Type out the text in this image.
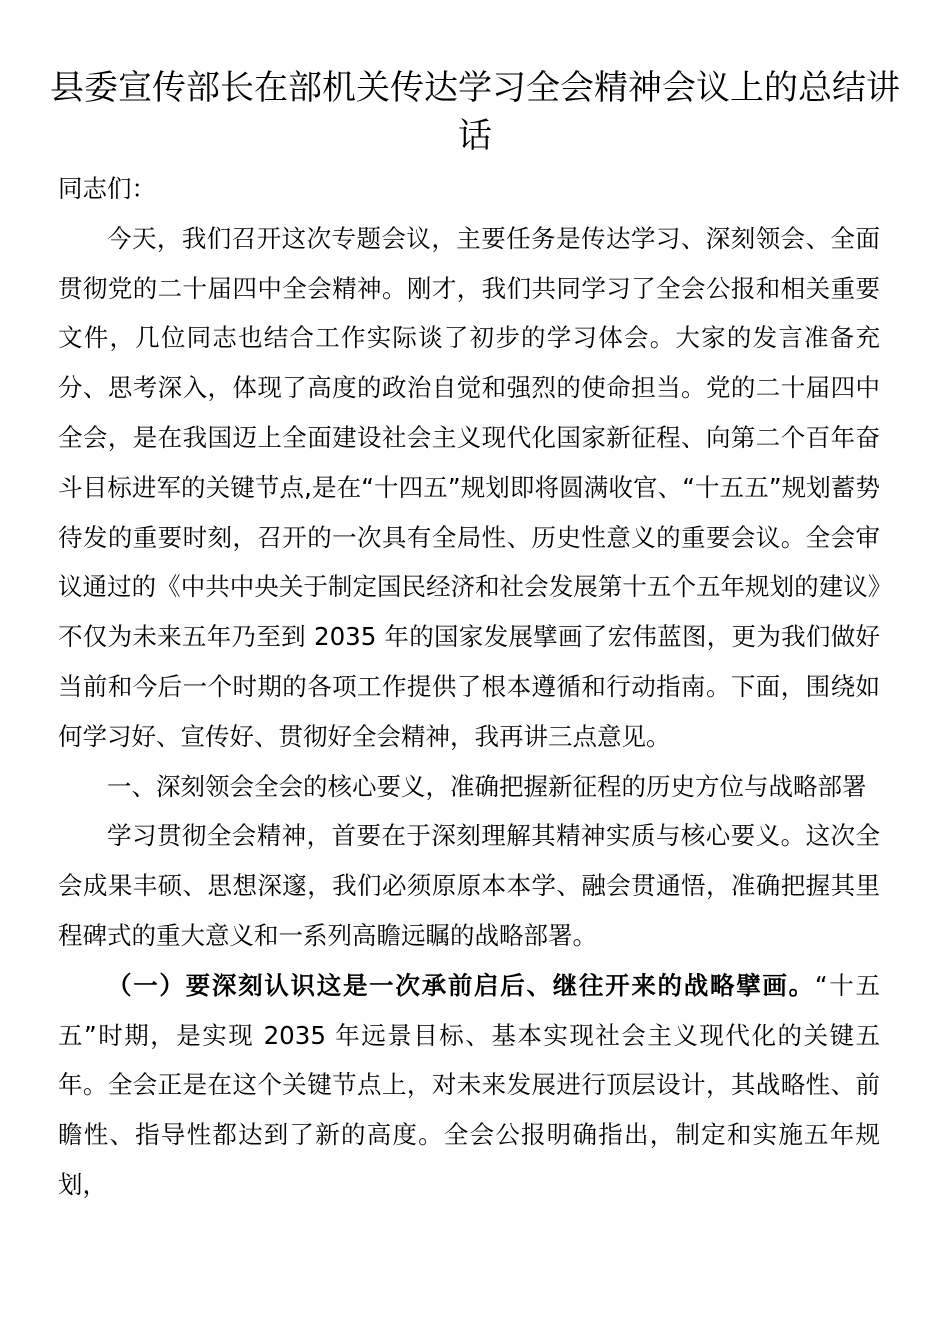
县委宣传部长在部机关传达学习全会精神会议上的总结讲话

同志们：

今天，我们召开这次专题会议，主要任务是传达学习、深刻领会、全面贯彻党的二十届四中全会精神。刚才，我们共同学习了全会公报和相关重要文件，几位同志也结合工作实际谈了初步的学习体会。大家的发言准备充分、思考深入，体现了高度的政治自觉和强烈的使命担当。党的二十届四中全会，是在我国迈上全面建设社会主义现代化国家新征程、向第二个百年奋斗目标进军的关键节点,是在“十四五”规划即将圆满收官、“十五五”规划蓄势待发的重要时刻，召开的一次具有全局性、历史性意义的重要会议。全会审议通过的《中共中央关于制定国民经济和社会发展第十五个五年规划的建议》不仅为未来五年乃至到 2035 年的国家发展擘画了宏伟蓝图，更为我们做好当前和今后一个时期的各项工作提供了根本遵循和行动指南。下面，围绕如何学习好、宣传好、贯彻好全会精神，我再讲三点意见。

一、深刻领会全会的核心要义，准确把握新征程的历史方位与战略部署

学习贯彻全会精神，首要在于深刻理解其精神实质与核心要义。这次全会成果丰硕、思想深邃，我们必须原原本本学、融会贯通悟，准确把握其里程碑式的重大意义和一系列高瞻远瞩的战略部署。

（一）要深刻认识这是一次承前启后、继往开来的战略擘画。“十五五”时期，是实现 2035 年远景目标、基本实现社会主义现代化的关键五年。全会正是在这个关键节点上，对未来发展进行顶层设计，其战略性、前瞻性、指导性都达到了新的高度。全会公报明确指出，制定和实施五年规划，
